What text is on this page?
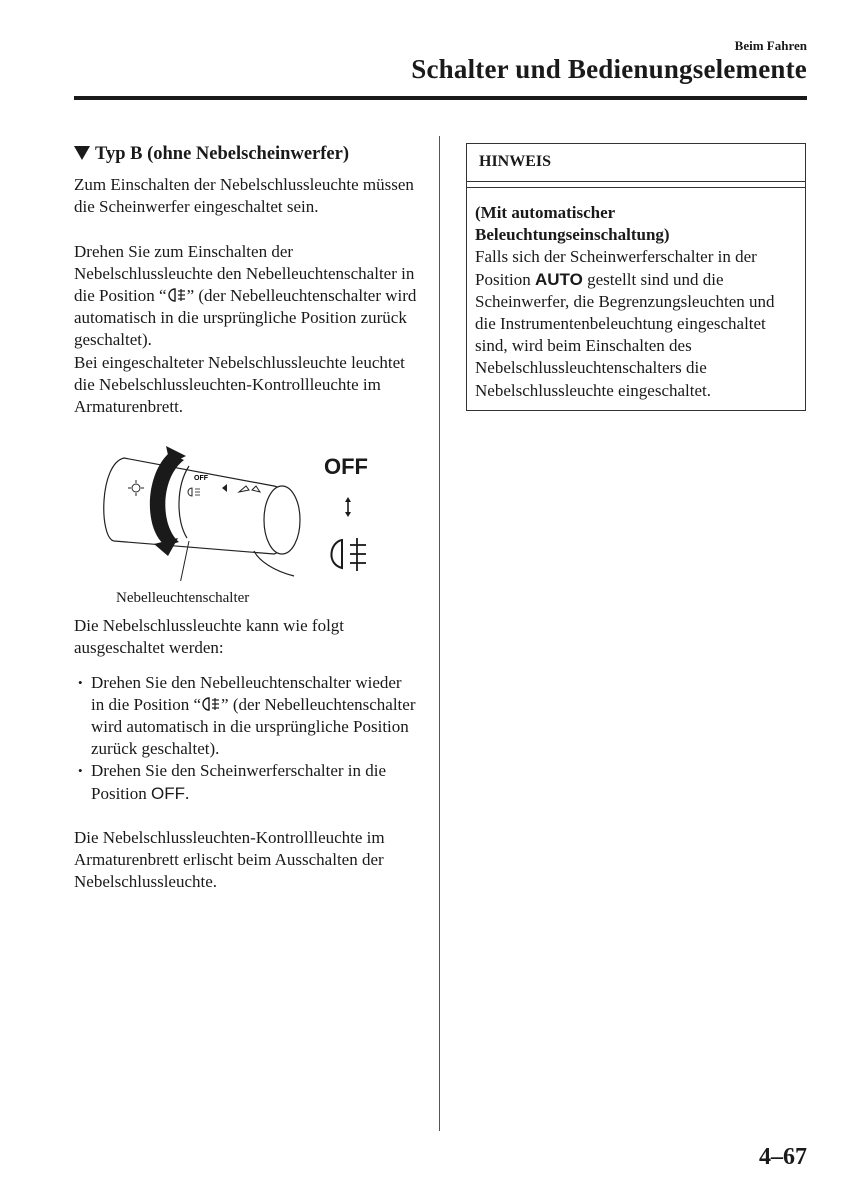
Beim Fahren
Schalter und Bedienungselemente
Typ B (ohne Nebelscheinwerfer)

Zum Einschalten der Nebelschlussleuchte müssen die Scheinwerfer eingeschaltet sein.

Drehen Sie zum Einschalten der Nebelschlussleuchte den Nebelleuchtenschalter in die Position “ ” (der Nebelleuchtenschalter wird automatisch in die ursprüngliche Position zurück geschaltet).

Bei eingeschalteter Nebelschlussleuchte leuchtet die Nebelschlussleuchten-Kontrollleuchte im Armaturenbrett.

OFF	OFF
Nebelleuchtenschalter

Die Nebelschlussleuchte kann wie folgt ausgeschaltet werden:

• Drehen Sie den Nebelleuchtenschalter wieder in die Position “ ” (der Nebelleuchtenschalter wird automatisch in die ursprüngliche Position zurück geschaltet).
• Drehen Sie den Scheinwerferschalter in die Position OFF.

Die Nebelschlussleuchten-Kontrollleuchte im Armaturenbrett erlischt beim Ausschalten der Nebelschlussleuchte.

HINWEIS
(Mit automatischer Beleuchtungseinschaltung)
Falls sich der Scheinwerferschalter in der Position AUTO gestellt sind und die Scheinwerfer, die Begrenzungsleuchten und die Instrumentenbeleuchtung eingeschaltet sind, wird beim Einschalten des Nebelschlussleuchtenschalters die Nebelschlussleuchte eingeschaltet.
4–67
